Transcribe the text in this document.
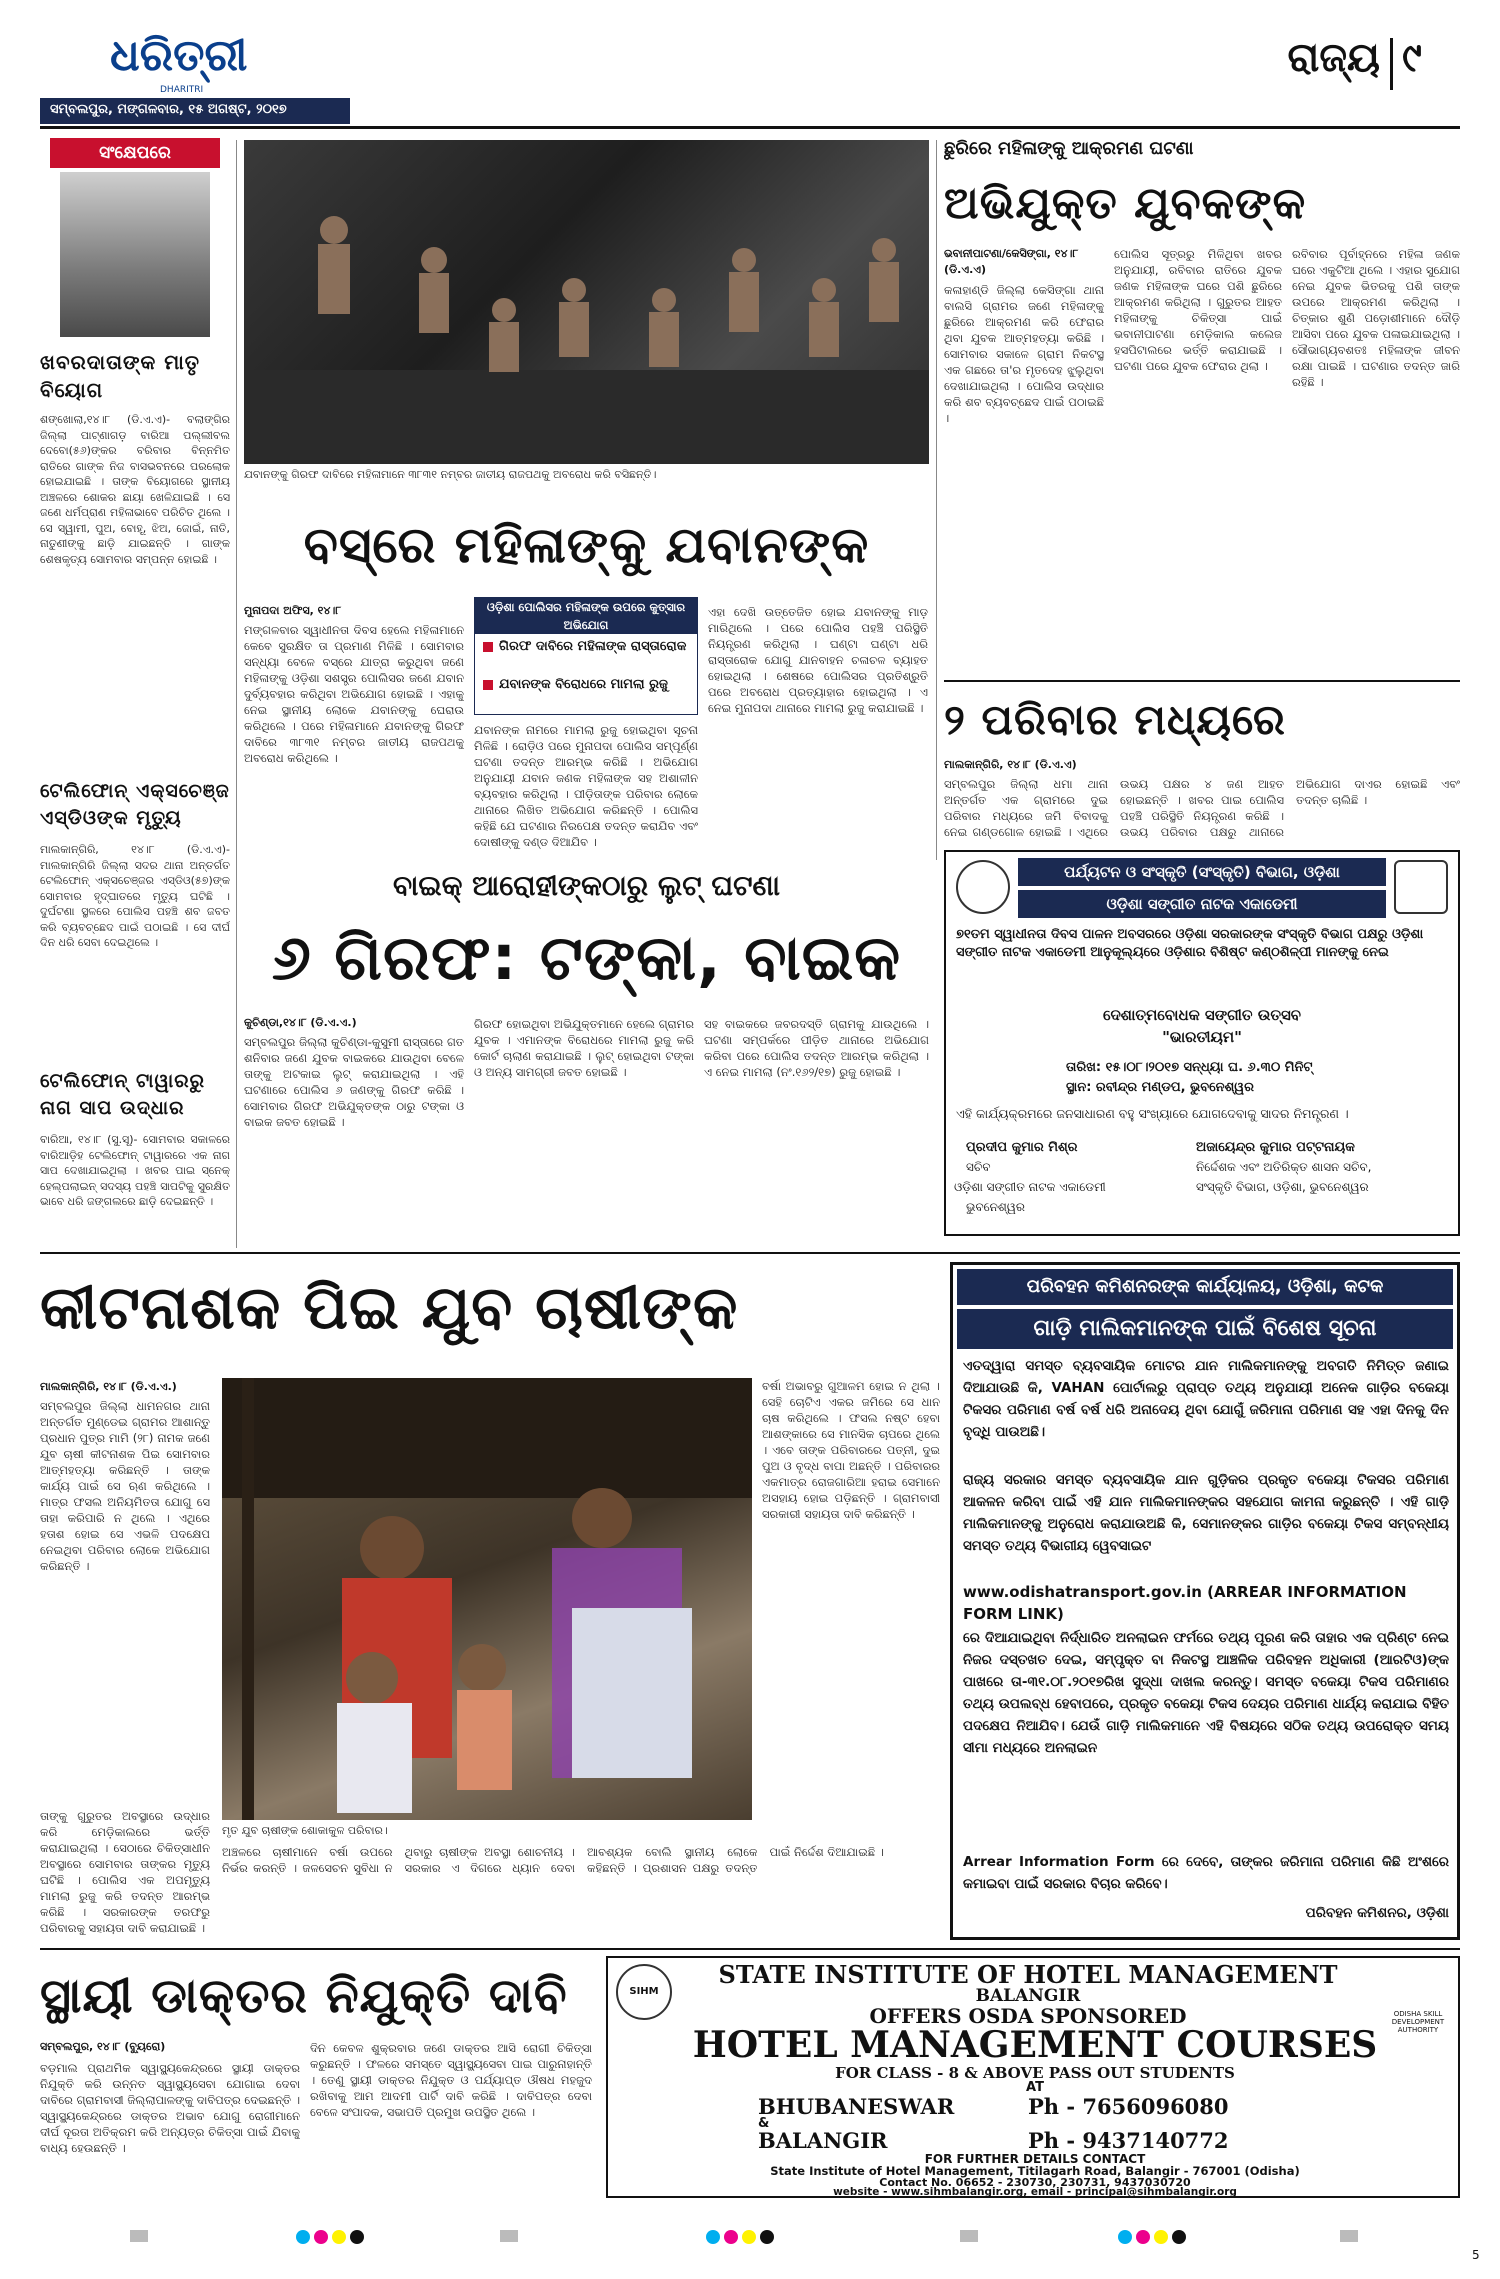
ଧରିତ୍ରୀ
DHARITRI
ସମ୍ବଲପୁର, ମଙ୍ଗଳବାର, ୧୫ ଅଗଷ୍ଟ, ୨୦୧୭
ରାଜ୍ୟ ୯
ସଂକ୍ଷେପରେ
ଖବରଦାତାଙ୍କ ମାତୃ ବିୟୋଗ
ଶଙ୍ଖୋଲା,୧୪।୮ (ଡି.ଏ.ଏ)- ବଲାଙ୍ଗିର ଜିଲ୍ଲା ପାଟ୍ଣାଗଡ଼ ବାରିଆ ପଲ୍ଲୀବଲ ଦେବୋ(୫୬)ଙ୍କର ବରିବାର ବିନ୍ନମିତ ରାତିରେ ଗାଙ୍କ ନିଜ ବାସଭବନରେ ପରଲୋକ ହୋଇଯାଇଛି । ତାଙ୍କ ବିୟୋଗରେ ସ୍ଥାନୀୟ ଅଞ୍ଚଳରେ ଶୋକର ଛାୟା ଖେଳିଯାଇଛି । ସେ ଜଣେ ଧର୍ମପ୍ରାଣ ମହିଳାଭାବେ ପରିଚିତ ଥିଲେ । ସେ ସ୍ୱାମୀ, ପୁଅ, ବୋହୂ, ଝିଅ, ଜୋଇଁ, ନାତି, ନାତୁଣୀଙ୍କୁ ଛାଡ଼ି ଯାଇଛନ୍ତି । ଗାଙ୍କ ଶେଷକୃତ୍ୟ ସୋମବାର ସମ୍ପନ୍ନ ହୋଇଛି ।
ଟେଲିଫୋନ୍ ଏକ୍ସଚେଞ୍ଜ ଏସ୍‌ଡିଓଙ୍କ ମୃତ୍ୟୁ
ମାଲକାନ୍‌ଗିରି, ୧୪।୮ (ଡି.ଏ.ଏ)- ମାଲକାନ୍‌ଗିରି ଜିଲ୍ଲା ସଦର ଥାନା ଅନ୍ତର୍ଗତ ଟେଲିଫୋନ୍ ଏକ୍ସଚେଞ୍ଜର ଏସ୍‌ଡିଓ(୫୭)ଙ୍କ ସୋମବାର ହୃଦ୍‌ଘାତରେ ମୃତ୍ୟୁ ଘଟିଛି । ଦୁର୍ଘଟଣା ସ୍ଥଳରେ ପୋଲିସ ପହଞ୍ଚି ଶବ ଜବତ କରି ବ୍ୟବଚ୍ଛେଦ ପାଇଁ ପଠାଇଛି । ସେ ଦୀର୍ଘ ଦିନ ଧରି ସେବା ଦେଇଥିଲେ ।
ଟେଲିଫୋନ୍ ଟାୱାରରୁ ନାଗ ସାପ ଉଦ୍ଧାର
ବାରିଆ, ୧୪।୮ (ସୁ.ସୂ)- ସୋମବାର ସକାଳରେ ବାରିଆଡ଼ିହ ଟେଲିଫୋନ୍ ଟାୱାରରେ ଏକ ନାଗ ସାପ ଦେଖାଯାଇଥିଲା । ଖବର ପାଇ ସ୍ନେକ୍ ହେଲ୍ପଲାଇନ୍ ସଦସ୍ୟ ପହଞ୍ଚି ସାପଟିକୁ ସୁରକ୍ଷିତ ଭାବେ ଧରି ଜଙ୍ଗଲରେ ଛାଡ଼ି ଦେଇଛନ୍ତି ।
ଯବାନଙ୍କୁ ଗିରଫ ଦାବିରେ ମହିଳାମାନେ ୩୮୩୧ ନମ୍ବର ଜାତୀୟ ରାଜପଥକୁ ଅବରୋଧ କରି ବସିଛନ୍ତି।
ବସ୍‌ରେ ମହିଳାଙ୍କୁ ଯବାନଙ୍କ
ମୁନାପଦା ଅଫିସ, ୧୪।୮
ମଙ୍ଗଳବାର ସ୍ୱାଧୀନତା ଦିବସ ହେଲେ ମହିଳାମାନେ କେବେ ସୁରକ୍ଷିତ ତା ପ୍ରମାଣ ମିଳିଛି । ସୋମବାର ସନ୍ଧ୍ୟା ବେଳେ ବସ୍‌ରେ ଯାତ୍ରା କରୁଥିବା ଜଣେ ମହିଳାଙ୍କୁ ଓଡ଼ିଶା ସଶସ୍ତ୍ର ପୋଲିସର ଜଣେ ଯବାନ ଦୁର୍ବ୍ୟବହାର କରିଥିବା ଅଭିଯୋଗ ହୋଇଛି । ଏହାକୁ ନେଇ ସ୍ଥାନୀୟ ଲୋକେ ଯବାନଙ୍କୁ ଘେରାଉ କରିଥିଲେ । ପରେ ମହିଳାମାନେ ଯବାନଙ୍କୁ ଗିରଫ ଦାବିରେ ୩୮୩୧ ନମ୍ବର ଜାତୀୟ ରାଜପଥକୁ ଅବରୋଧ କରିଥିଲେ ।
ଓଡ଼ିଶା ପୋଲିସର ମହିଳାଙ୍କ ଉପରେ କୁତ୍ସାର ଅଭିଯୋଗ
ଗିରଫ ଦାବିରେ ମହିଳାଙ୍କ ରାସ୍ତାରୋକ
ଯବାନଙ୍କ ବିରୋଧରେ ମାମଲା ରୁଜୁ
ଯବାନଙ୍କ ନାମରେ ମାମଲା ରୁଜୁ ହୋଇଥିବା ସୂଚନା ମିଳିଛି । ରୋଡ଼ିଓ ପରେ ମୁନାପଦା ପୋଲିସ ସମ୍ପୂର୍ଣ୍ଣ ଘଟଣା ତଦନ୍ତ ଆରମ୍ଭ କରିଛି । ଅଭିଯୋଗ ଅନୁଯାୟୀ ଯବାନ ଜଣକ ମହିଳାଙ୍କ ସହ ଅଶାଳୀନ ବ୍ୟବହାର କରିଥିଲା । ପୀଡ଼ିତାଙ୍କ ପରିବାର ଲୋକେ ଥାନାରେ ଲିଖିତ ଅଭିଯୋଗ କରିଛନ୍ତି । ପୋଲିସ କହିଛି ଯେ ଘଟଣାର ନିରପେକ୍ଷ ତଦନ୍ତ କରାଯିବ ଏବଂ ଦୋଷୀଙ୍କୁ ଦଣ୍ଡ ଦିଆଯିବ ।
ଏହା ଦେଖି ଉତ୍ତେଜିତ ହୋଇ ଯବାନଙ୍କୁ ମାଡ଼ ମାରିଥିଲେ । ପରେ ପୋଲିସ ପହଞ୍ଚି ପରିସ୍ଥିତି ନିୟନ୍ତ୍ରଣ କରିଥିଲା । ଘଣ୍ଟା ଘଣ୍ଟା ଧରି ରାସ୍ତାରୋକ ଯୋଗୁ ଯାନବାହନ ଚଳାଚଳ ବ୍ୟାହତ ହୋଇଥିଲା । ଶେଷରେ ପୋଲିସର ପ୍ରତିଶ୍ରୁତି ପରେ ଅବରୋଧ ପ୍ରତ୍ୟାହାର ହୋଇଥିଲା । ଏ ନେଇ ମୁନାପଦା ଥାନାରେ ମାମଲା ରୁଜୁ କରାଯାଇଛି ।
ଛୁରିରେ ମହିଳାଙ୍କୁ ଆକ୍ରମଣ ଘଟଣା
ଅଭିଯୁକ୍ତ ଯୁବକଙ୍କ
ଭବାନୀପାଟଣା/କେସିଙ୍ଗା, ୧୪।୮ (ଡି.ଏ.ଏ)
କଳାହାଣ୍ଡି ଜିଲ୍ଲା କେସିଙ୍ଗା ଥାନା ବାଲସି ଗ୍ରାମର ଜଣେ ମହିଳାଙ୍କୁ ଛୁରିରେ ଆକ୍ରମଣ କରି ଫେରାର ଥିବା ଯୁବକ ଆତ୍ମହତ୍ୟା କରିଛି । ସୋମବାର ସକାଳେ ଗ୍ରାମ ନିକଟସ୍ଥ ଏକ ଗଛରେ ତା'ର ମୃତଦେହ ଝୁଲୁଥିବା ଦେଖାଯାଇଥିଲା । ପୋଲିସ ଉଦ୍ଧାର କରି ଶବ ବ୍ୟବଚ୍ଛେଦ ପାଇଁ ପଠାଇଛି ।
ପୋଲିସ ସୂତ୍ରରୁ ମିଳିଥିବା ଖବର ଅନୁଯାୟୀ, ରବିବାର ରାତିରେ ଯୁବକ ଜଣକ ମହିଳାଙ୍କ ଘରେ ପଶି ଛୁରିରେ ଆକ୍ରମଣ କରିଥିଲା । ଗୁରୁତର ଆହତ ମହିଳାଙ୍କୁ ଚିକିତ୍ସା ପାଇଁ ଭବାନୀପାଟଣା ମେଡ଼ିକାଲ କଲେଜ ହସପିଟାଲରେ ଭର୍ତ୍ତି କରାଯାଇଛି । ଘଟଣା ପରେ ଯୁବକ ଫେରାର ଥିଲା ।
ରବିବାର ପୂର୍ବାହ୍ନରେ ମହିଳା ଜଣକ ଘରେ ଏକୁଟିଆ ଥିଲେ । ଏହାର ସୁଯୋଗ ନେଇ ଯୁବକ ଭିତରକୁ ପଶି ତାଙ୍କ ଉପରେ ଆକ୍ରମଣ କରିଥିଲା । ଚିତ୍କାର ଶୁଣି ପଡ଼ୋଶୀମାନେ ଦୌଡ଼ି ଆସିବା ପରେ ଯୁବକ ପଳାଇଯାଇଥିଲା । ସୌଭାଗ୍ୟବଶତଃ ମହିଳାଙ୍କ ଜୀବନ ରକ୍ଷା ପାଇଛି । ଘଟଣାର ତଦନ୍ତ ଜାରି ରହିଛି ।
୨ ପରିବାର ମଧ୍ୟରେ
ମାଲକାନ୍‌ଗିରି, ୧୪।୮ (ଡି.ଏ.ଏ)
ସମ୍ବଲପୁର ଜିଲ୍ଲା ଧମା ଥାନା ଅନ୍ତର୍ଗତ ଏକ ଗ୍ରାମରେ ଦୁଇ ପରିବାର ମଧ୍ୟରେ ଜମି ବିବାଦକୁ ନେଇ ଗଣ୍ଡଗୋଳ ହୋଇଛି । ଏଥିରେ ଉଭୟ ପକ୍ଷର ୪ ଜଣ ଆହତ ହୋଇଛନ୍ତି । ଖବର ପାଇ ପୋଲିସ ପହଞ୍ଚି ପରିସ୍ଥିତି ନିୟନ୍ତ୍ରଣ କରିଛି । ଉଭୟ ପରିବାର ପକ୍ଷରୁ ଥାନାରେ ଅଭିଯୋଗ ଦାଏର ହୋଇଛି ଏବଂ ତଦନ୍ତ ଚାଲିଛି ।
ପର୍ଯ୍ୟଟନ ଓ ସଂସ୍କୃତି (ସଂସ୍କୃତି) ବିଭାଗ, ଓଡ଼ିଶା
ଓଡ଼ିଶା ସଙ୍ଗୀତ ନାଟକ ଏକାଡେମୀ
୭୧ତମ ସ୍ୱାଧୀନତା ଦିବସ ପାଳନ ଅବସରରେ ଓଡ଼ିଶା ସରକାରଙ୍କ ସଂସ୍କୃତି ବିଭାଗ ପକ୍ଷରୁ ଓଡ଼ିଶା ସଙ୍ଗୀତ ନାଟକ ଏକାଡେମୀ ଆନୁକୂଲ୍ୟରେ ଓଡ଼ିଶାର ବିଶିଷ୍ଟ କଣ୍ଠଶିଳ୍ପୀ ମାନଙ୍କୁ ନେଇ
ଦେଶାତ୍ମବୋଧକ ସଙ୍ଗୀତ ଉତ୍ସବ
"ଭାରତୀୟମ"
ତାରିଖ: ୧୫।୦୮।୨୦୧୭ ସନ୍ଧ୍ୟା ଘ. ୬.୩୦ ମିନିଟ୍
ସ୍ଥାନ: ରବୀନ୍ଦ୍ର ମଣ୍ଡପ, ଭୁବନେଶ୍ୱର
ଏହି କାର୍ଯ୍ୟକ୍ରମରେ ଜନସାଧାରଣ ବହୁ ସଂଖ୍ୟାରେ ଯୋଗଦେବାକୁ ସାଦର ନିମନ୍ତ୍ରଣ ।
ପ୍ରଦୀପ କୁମାର ମିଶ୍ର
ସଚିବ
ଓଡ଼ିଶା ସଙ୍ଗୀତ ନାଟକ ଏକାଡେମୀ
ଭୁବନେଶ୍ୱର
ଅଜାୟେନ୍ଦ୍ର କୁମାର ପଟ୍ଟନାୟକ
ନିର୍ଦ୍ଦେଶକ ଏବଂ ଅତିରିକ୍ତ ଶାସନ ସଚିବ,
ସଂସ୍କୃତି ବିଭାଗ, ଓଡ଼ିଶା, ଭୁବନେଶ୍ୱର
ବାଇକ୍ ଆରୋହୀଙ୍କଠାରୁ ଲୁଟ୍ ଘଟଣା
୬ ଗିରଫ: ଟଙ୍କା, ବାଇକ
କୁଚିଣ୍ଡା,୧୪।୮ (ଡି.ଏ.ଏ.)
ସମ୍ବଲପୁର ଜିଲ୍ଲା କୁଚିଣ୍ଡା-କୁସୁମୀ ରାସ୍ତାରେ ଗତ ଶନିବାର ଜଣେ ଯୁବକ ବାଇକରେ ଯାଉଥିବା ବେଳେ ତାଙ୍କୁ ଅଟକାଇ ଲୁଟ୍ କରାଯାଇଥିଲା । ଏହି ଘଟଣାରେ ପୋଲିସ ୬ ଜଣଙ୍କୁ ଗିରଫ କରିଛି । ସୋମବାର ଗିରଫ ଅଭିଯୁକ୍ତଙ୍କ ଠାରୁ ଟଙ୍କା ଓ ବାଇକ ଜବତ ହୋଇଛି ।
ଗିରଫ ହୋଇଥିବା ଅଭିଯୁକ୍ତମାନେ ହେଲେ ଗ୍ରାମର ଯୁବକ । ଏମାନଙ୍କ ବିରୋଧରେ ମାମଲା ରୁଜୁ କରି କୋର୍ଟ ଚାଲାଣ କରାଯାଇଛି । ଲୁଟ୍ ହୋଇଥିବା ଟଙ୍କା ଓ ଅନ୍ୟ ସାମଗ୍ରୀ ଜବତ ହୋଇଛି ।
ସହ ବାଇକରେ ଜବରଦସ୍ତି ଗ୍ରାମକୁ ଯାଉଥିଲେ । ଘଟଣା ସମ୍ପର୍କରେ ପୀଡ଼ିତ ଥାନାରେ ଅଭିଯୋଗ କରିବା ପରେ ପୋଲିସ ତଦନ୍ତ ଆରମ୍ଭ କରିଥିଲା । ଏ ନେଇ ମାମଲା (ନଂ.୧୬୨/୧୭) ରୁଜୁ ହୋଇଛି ।
କୀଟନାଶକ ପିଇ ଯୁବ ଚାଷୀଙ୍କ
ମାଲକାନ୍‌ଗିରି, ୧୪।୮ (ଡି.ଏ.ଏ.)
ସମ୍ବଲପୁର ଜିଲ୍ଲା ଧାମନଗର ଥାନା ଅନ୍ତର୍ଗତ ମୁଣ୍ଡେଇ ଗ୍ରାମର ଆଶାନ୍ତୁ ପ୍ରଧାନ ପୁତ୍ର ମାମି (୨୮) ନାମକ ଜଣେ ଯୁବ ଚାଷୀ କୀଟନାଶକ ପିଇ ସୋମବାର ଆତ୍ମହତ୍ୟା କରିଛନ୍ତି । ତାଙ୍କ କାର୍ଯ୍ୟ ପାଇଁ ସେ ଋଣ କରିଥିଲେ । ମାତ୍ର ଫସଲ ଅନିୟମିତତା ଯୋଗୁ ସେ ତାହା କରିପାରି ନ ଥିଲେ । ଏଥିରେ ହତାଶ ହୋଇ ସେ ଏଭଳି ପଦକ୍ଷେପ ନେଇଥିବା ପରିବାର ଲୋକେ ଅଭିଯୋଗ କରିଛନ୍ତି ।
ତାଙ୍କୁ ଗୁରୁତର ଅବସ୍ଥାରେ ଉଦ୍ଧାର କରି ମେଡ଼ିକାଲରେ ଭର୍ତ୍ତି କରାଯାଇଥିଲା । ସେଠାରେ ଚିକିତ୍ସାଧୀନ ଅବସ୍ଥାରେ ସୋମବାର ତାଙ୍କର ମୃତ୍ୟୁ ଘଟିଛି । ପୋଲିସ ଏକ ଅପମୃତ୍ୟୁ ମାମଲା ରୁଜୁ କରି ତଦନ୍ତ ଆରମ୍ଭ କରିଛି । ସରକାରଙ୍କ ତରଫରୁ ପରିବାରକୁ ସହାୟତା ଦାବି କରାଯାଇଛି ।
ମୃତ ଯୁବ ଚାଷୀଙ୍କ ଶୋକାକୁଳ ପରିବାର।
ବର୍ଷା ଅଭାବରୁ ଗୁଆଳମ ହୋଇ ନ ଥିଲା । ସେହି ଚୋଟିଏ ଏକର ଜମିରେ ସେ ଧାନ ଚାଷ କରିଥିଲେ । ଫସଲ ନଷ୍ଟ ହେବା ଆଶଙ୍କାରେ ସେ ମାନସିକ ଚାପରେ ଥିଲେ । ଏବେ ତାଙ୍କ ପରିବାରରେ ପତ୍ନୀ, ଦୁଇ ପୁଅ ଓ ବୃଦ୍ଧ ବାପା ଅଛନ୍ତି । ପରିବାରର ଏକମାତ୍ର ରୋଜଗାରିଆ ହରାଇ ସେମାନେ ଅସହାୟ ହୋଇ ପଡ଼ିଛନ୍ତି । ଗ୍ରାମବାସୀ ସରକାରୀ ସହାୟତା ଦାବି କରିଛନ୍ତି ।
ଅଞ୍ଚଳରେ ଚାଷୀମାନେ ବର୍ଷା ଉପରେ ନିର୍ଭର କରନ୍ତି । ଜଳସେଚନ ସୁବିଧା ନ ଥିବାରୁ ଚାଷୀଙ୍କ ଅବସ୍ଥା ଶୋଚନୀୟ । ସରକାର ଏ ଦିଗରେ ଧ୍ୟାନ ଦେବା ଆବଶ୍ୟକ ବୋଲି ସ୍ଥାନୀୟ ଲୋକେ କହିଛନ୍ତି । ପ୍ରଶାସନ ପକ୍ଷରୁ ତଦନ୍ତ ପାଇଁ ନିର୍ଦ୍ଦେଶ ଦିଆଯାଇଛି ।
ପରିବହନ କମିଶନରଙ୍କ କାର୍ଯ୍ୟାଳୟ, ଓଡ଼ିଶା, କଟକ
ଗାଡ଼ି ମାଲିକମାନଙ୍କ ପାଇଁ ବିଶେଷ ସୂଚନା
ଏତଦ୍ୱାରା ସମସ୍ତ ବ୍ୟବସାୟିକ ମୋଟର ଯାନ ମାଲିକମାନଙ୍କୁ ଅବଗତି ନିମିତ୍ତ ଜଣାଇ ଦିଆଯାଉଛି କି, VAHAN ପୋର୍ଟାଲରୁ ପ୍ରାପ୍ତ ତଥ୍ୟ ଅନୁଯାୟୀ ଅନେକ ଗାଡ଼ିର ବକେୟା ଟିକସର ପରିମାଣ ବର୍ଷ ବର୍ଷ ଧରି ଅନାଦେୟ ଥିବା ଯୋଗୁଁ ଜରିମାନା ପରିମାଣ ସହ ଏହା ଦିନକୁ ଦିନ ବୃଦ୍ଧି ପାଉଅଛି।
ରାଜ୍ୟ ସରକାର ସମସ୍ତ ବ୍ୟବସାୟିକ ଯାନ ଗୁଡ଼ିକର ପ୍ରକୃତ ବକେୟା ଟିକସର ପରିମାଣ ଆକଳନ କରିବା ପାଇଁ ଏହି ଯାନ ମାଲିକମାନଙ୍କର ସହଯୋଗ କାମନା କରୁଛନ୍ତି । ଏହି ଗାଡ଼ି ମାଲିକମାନଙ୍କୁ ଅନୁରୋଧ କରାଯାଉଅଛି କି, ସେମାନଙ୍କର ଗାଡ଼ିର ବକେୟା ଟିକସ ସମ୍ବନ୍ଧୀୟ ସମସ୍ତ ତଥ୍ୟ ବିଭାଗୀୟ ୱେବସାଇଟ
www.odishatransport.gov.in (ARREAR INFORMATION FORM LINK)
ରେ ଦିଆଯାଇଥିବା ନିର୍ଦ୍ଧାରିତ ଅନଲାଇନ ଫର୍ମରେ ତଥ୍ୟ ପୂରଣ କରି ତାହାର ଏକ ପ୍ରିଣ୍ଟ ନେଇ ନିଜର ଦସ୍ତଖତ ଦେଇ, ସମ୍ପୃକ୍ତ ବା ନିକଟସ୍ଥ ଆଞ୍ଚଳିକ ପରିବହନ ଅଧିକାରୀ (ଆରଟିଓ)ଙ୍କ ପାଖରେ ତା-୩୧.୦୮.୨୦୧୭ରିଖ ସୁଦ୍ଧା ଦାଖଲ କରନ୍ତୁ। ସମସ୍ତ ବକେୟା ଟିକସ ପରିମାଣର ତଥ୍ୟ ଉପଲବ୍ଧ ହେବାପରେ, ପ୍ରକୃତ ବକେୟା ଟିକସ ଦେୟର ପରିମାଣ ଧାର୍ଯ୍ୟ କରାଯାଇ ବିହିତ ପଦକ୍ଷେପ ନିଆଯିବ। ଯେଉଁ ଗାଡ଼ି ମାଲିକମାନେ ଏହି ବିଷୟରେ ସଠିକ ତଥ୍ୟ ଉପରୋକ୍ତ ସମୟ ସୀମା ମଧ୍ୟରେ ଅନଲାଇନ
Arrear Information Form ରେ ଦେବେ, ତାଙ୍କର ଜରିମାନା ପରିମାଣ କିଛି ଅଂଶରେ କମାଇବା ପାଇଁ ସରକାର ବିଚାର କରିବେ।
ପରିବହନ କମିଶନର, ଓଡ଼ିଶା
ସ୍ଥାୟୀ ଡାକ୍ତର ନିଯୁକ୍ତି ଦାବି
ସମ୍ବଲପୁର, ୧୪।୮ (ବ୍ୟୁରୋ)
ବଡ଼ମାଲ ପ୍ରାଥମିକ ସ୍ୱାସ୍ଥ୍ୟକେନ୍ଦ୍ରରେ ସ୍ଥାୟୀ ଡାକ୍ତର ନିଯୁକ୍ତି କରି ଉନ୍ନତ ସ୍ୱାସ୍ଥ୍ୟସେବା ଯୋଗାଇ ଦେବା ଦାବିରେ ଗ୍ରାମବାସୀ ଜିଲ୍ଲାପାଳଙ୍କୁ ଦାବିପତ୍ର ଦେଇଛନ୍ତି । ସ୍ୱାସ୍ଥ୍ୟକେନ୍ଦ୍ରରେ ଡାକ୍ତର ଅଭାବ ଯୋଗୁ ରୋଗୀମାନେ ଦୀର୍ଘ ଦୂରତା ଅତିକ୍ରମ କରି ଅନ୍ୟତ୍ର ଚିକିତ୍ସା ପାଇଁ ଯିବାକୁ ବାଧ୍ୟ ହେଉଛନ୍ତି ।
ଦିନ କେବଳ ଶୁକ୍ରବାର ଜଣେ ଡାକ୍ତର ଆସି ରୋଗୀ ଚିକିତ୍ସା କରୁଛନ୍ତି । ଫଳରେ ସମସ୍ତେ ସ୍ୱାସ୍ଥ୍ୟସେବା ପାଇ ପାରୁନାହାନ୍ତି । ତେଣୁ ସ୍ଥାୟୀ ଡାକ୍ତର ନିଯୁକ୍ତ ଓ ପର୍ଯ୍ୟାପ୍ତ ଔଷଧ ମହଜୁଦ ରଖିବାକୁ ଆମ ଆଦମୀ ପାର୍ଟି ଦାବି କରିଛି । ଦାବିପତ୍ର ଦେବା ବେଳେ ସଂପାଦକ, ସଭାପତି ପ୍ରମୁଖ ଉପସ୍ଥିତ ଥିଲେ ।
SIHM
ODISHA SKILL DEVELOPMENT AUTHORITY
STATE INSTITUTE OF HOTEL MANAGEMENT
BALANGIR
OFFERS OSDA SPONSORED
HOTEL MANAGEMENT COURSES
FOR CLASS - 8 & ABOVE PASS OUT STUDENTS
AT
BHUBANESWAR	Ph - 7656096080
&
BALANGIR	Ph - 9437140772
FOR FURTHER DETAILS CONTACT
State Institute of Hotel Management, Titilagarh Road, Balangir - 767001 (Odisha)
Contact No. 06652 - 230730, 230731, 9437030720
website - www.sihmbalangir.org, email - principal@sihmbalangir.org
5
